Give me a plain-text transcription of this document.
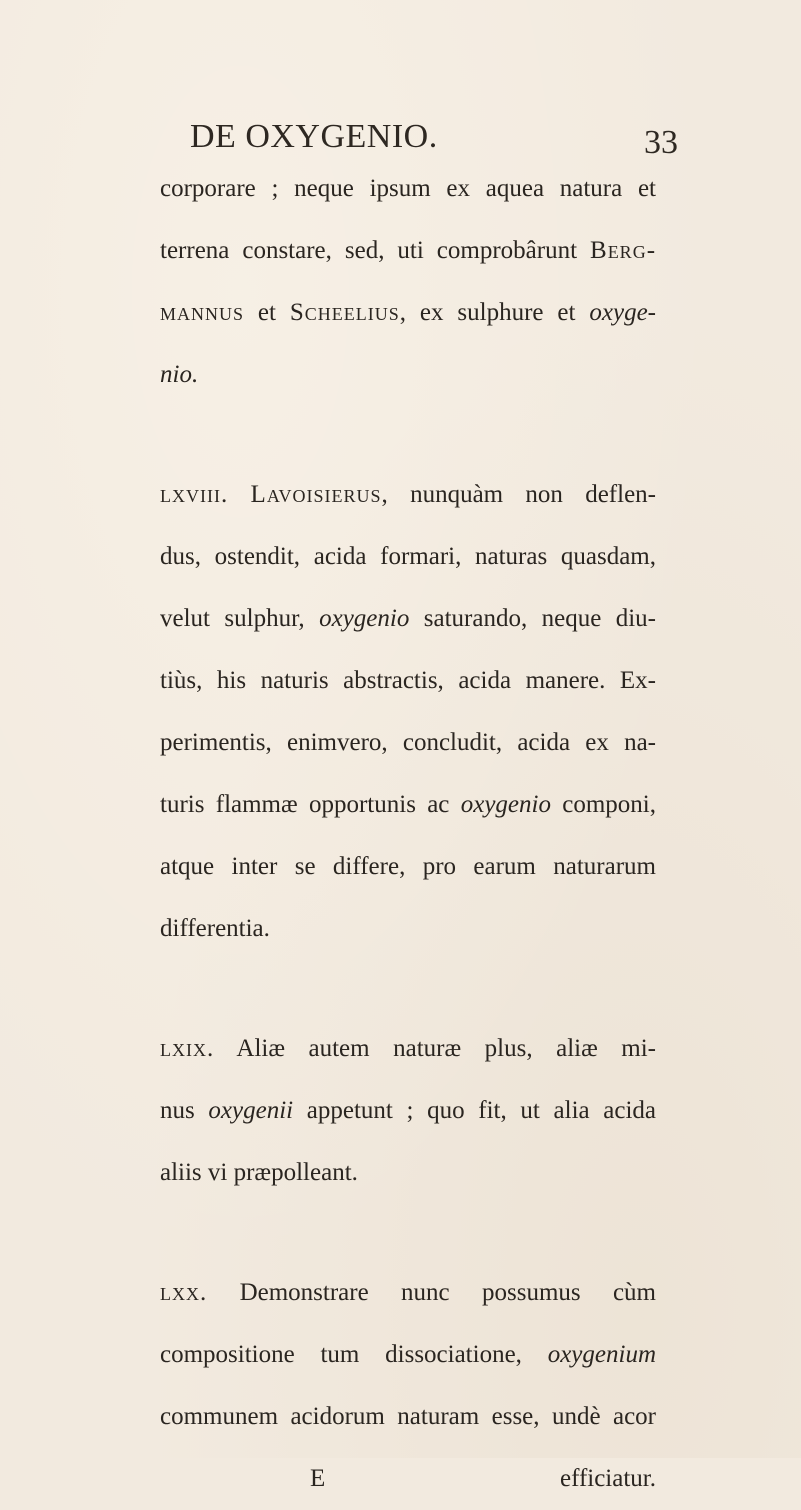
DE OXYGENIO.	33
corporare ; neque ipsum ex aquea natura et
terrena constare, sed, uti comprobârunt Berg-
mannus et Scheelius, ex sulphure et oxyge-
nio.
lxviii. Lavoisierus, nunquàm non deflen-
dus, ostendit, acida formari, naturas quasdam,
velut sulphur, oxygenio saturando, neque diu-
tiùs, his naturis abstractis, acida manere. Ex-
perimentis, enimvero, concludit, acida ex na-
turis flammæ opportunis ac oxygenio componi,
atque inter se differe, pro earum naturarum
differentia.
lxix. Aliæ autem naturæ plus, aliæ mi-
nus oxygenii appetunt ; quo fit, ut alia acida
aliis vi præpolleant.
lxx. Demonstrare nunc possumus cùm
compositione tum dissociatione, oxygenium
communem acidorum naturam esse, undè acor
E	efficiatur.
